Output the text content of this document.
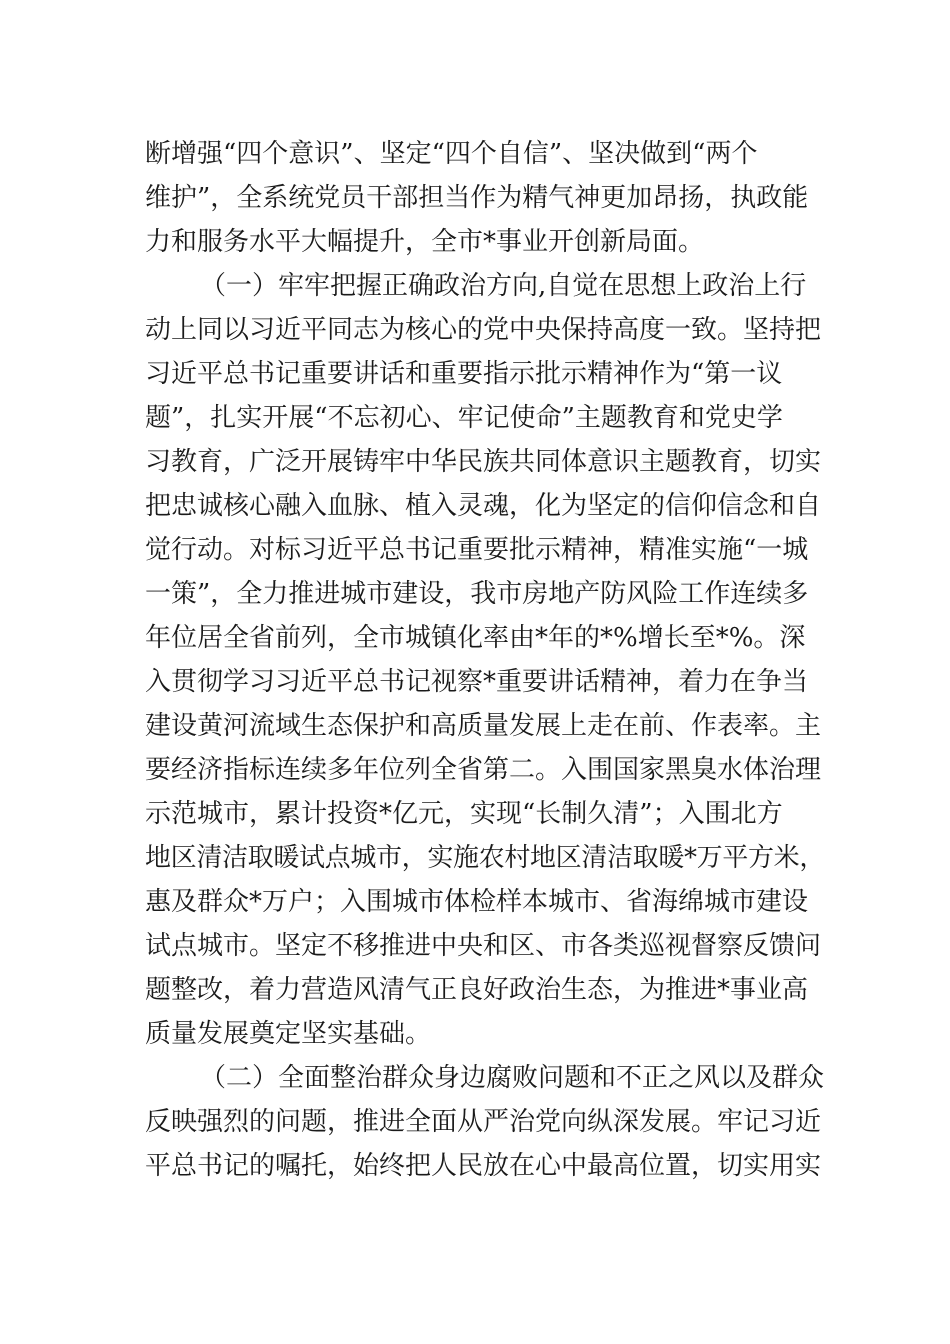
断增强“四个意识”、坚定“四个自信”、坚决做到“两个
维护”，全系统党员干部担当作为精气神更加昂扬，执政能
力和服务水平大幅提升，全市*事业开创新局面。
（一）牢牢把握正确政治方向,自觉在思想上政治上行
动上同以习近平同志为核心的党中央保持高度一致。坚持把
习近平总书记重要讲话和重要指示批示精神作为“第一议
题”，扎实开展“不忘初心、牢记使命”主题教育和党史学
习教育，广泛开展铸牢中华民族共同体意识主题教育，切实
把忠诚核心融入血脉、植入灵魂，化为坚定的信仰信念和自
觉行动。对标习近平总书记重要批示精神，精准实施“一城
一策”，全力推进城市建设，我市房地产防风险工作连续多
年位居全省前列，全市城镇化率由*年的*%增长至*%。深
入贯彻学习习近平总书记视察*重要讲话精神，着力在争当
建设黄河流域生态保护和高质量发展上走在前、作表率。主
要经济指标连续多年位列全省第二。入围国家黑臭水体治理
示范城市，累计投资*亿元，实现“长制久清”；入围北方
地区清洁取暖试点城市，实施农村地区清洁取暖*万平方米，
惠及群众*万户；入围城市体检样本城市、省海绵城市建设
试点城市。坚定不移推进中央和区、市各类巡视督察反馈问
题整改，着力营造风清气正良好政治生态，为推进*事业高
质量发展奠定坚实基础。
（二）全面整治群众身边腐败问题和不正之风以及群众
反映强烈的问题，推进全面从严治党向纵深发展。牢记习近
平总书记的嘱托，始终把人民放在心中最高位置，切实用实
